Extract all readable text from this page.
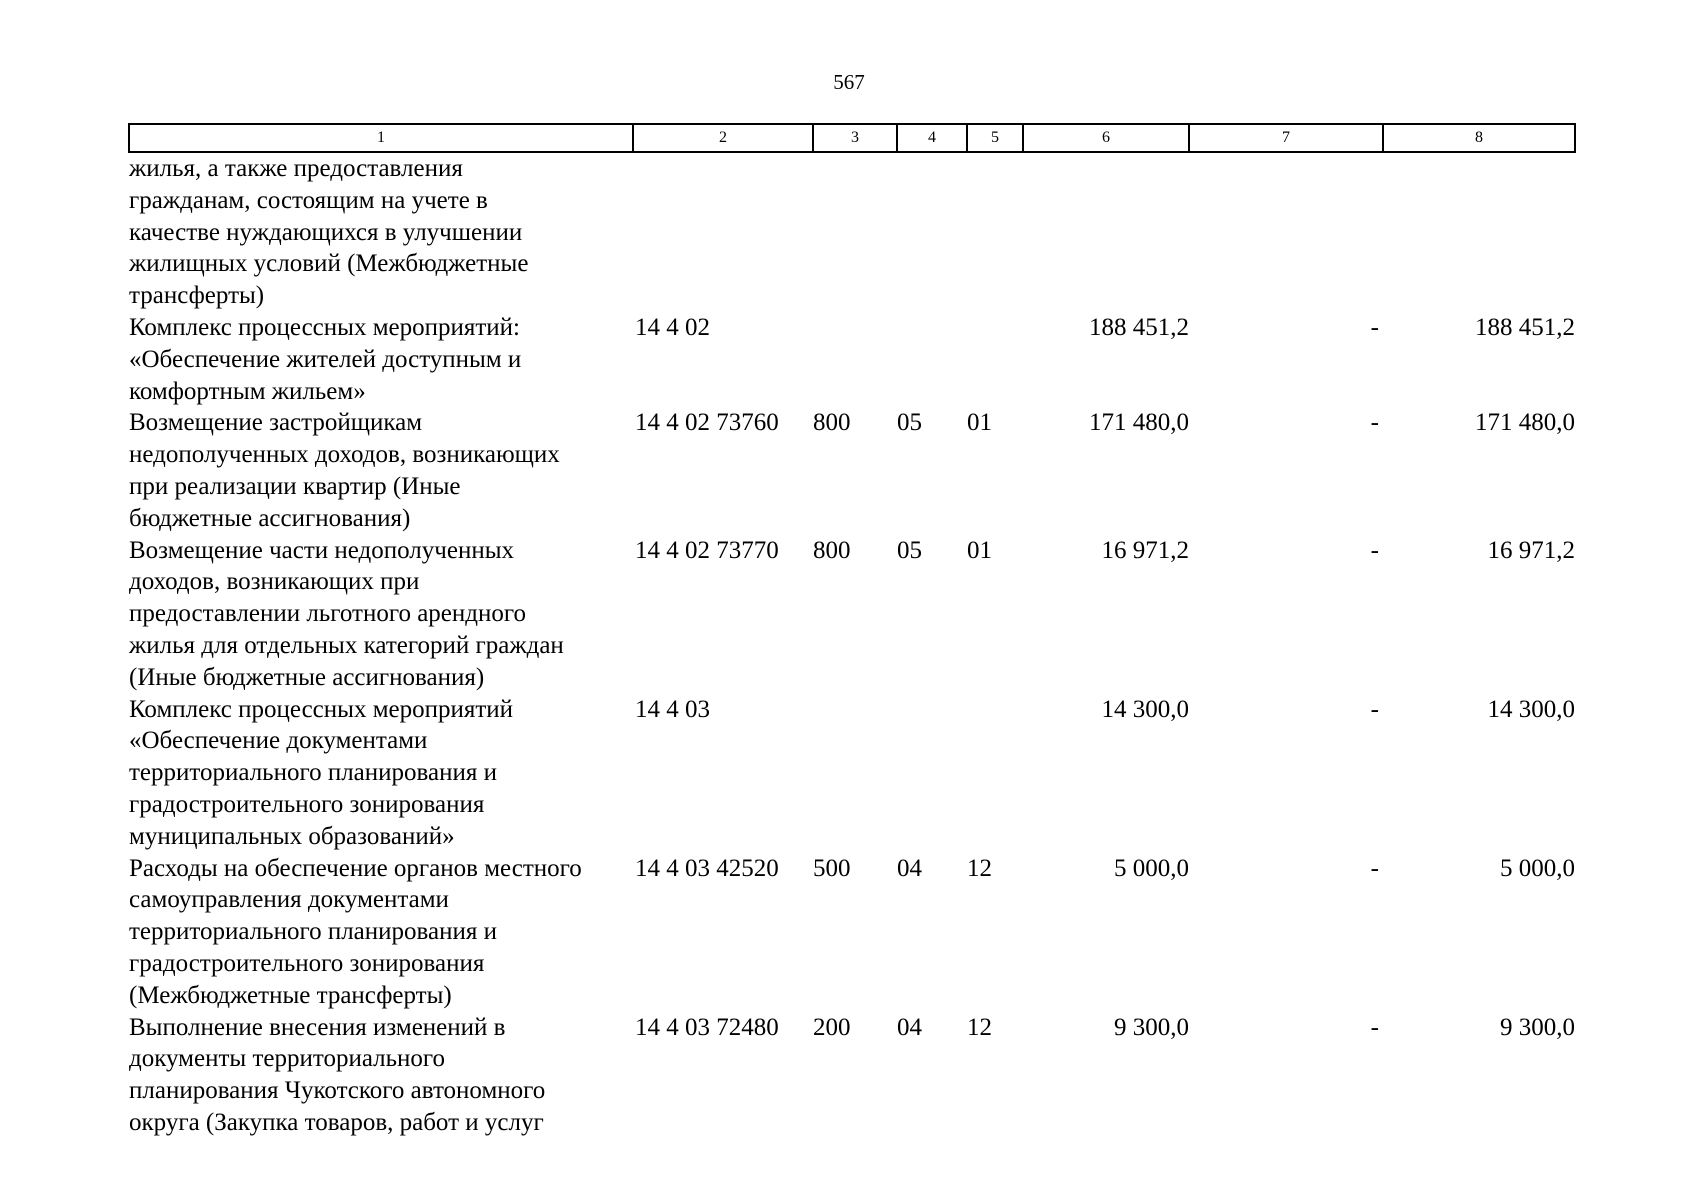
567
1	2	3	4	5	6	7	8
жилья, а также предоставления
гражданам, состоящим на учете в
качестве нуждающихся в улучшении
жилищных условий (Межбюджетные
трансферты)							
Комплекс процессных мероприятий:
«Обеспечение жителей доступным и
комфортным жильем»	14 4 02				188 451,2	-	188 451,2
Возмещение застройщикам
недополученных доходов, возникающих
при реализации квартир (Иные
бюджетные ассигнования)	14 4 02 73760	800	05	01	171 480,0	-	171 480,0
Возмещение части недополученных
доходов, возникающих при
предоставлении льготного арендного
жилья для отдельных категорий граждан
(Иные бюджетные ассигнования)	14 4 02 73770	800	05	01	16 971,2	-	16 971,2
Комплекс процессных мероприятий
«Обеспечение документами
территориального планирования и
градостроительного зонирования
муниципальных образований»	14 4 03				14 300,0	-	14 300,0
Расходы на обеспечение органов местного
самоуправления документами
территориального планирования и
градостроительного зонирования
(Межбюджетные трансферты)	14 4 03 42520	500	04	12	5 000,0	-	5 000,0
Выполнение внесения изменений в
документы территориального
планирования Чукотского автономного
округа (Закупка товаров, работ и услуг	14 4 03 72480	200	04	12	9 300,0	-	9 300,0
